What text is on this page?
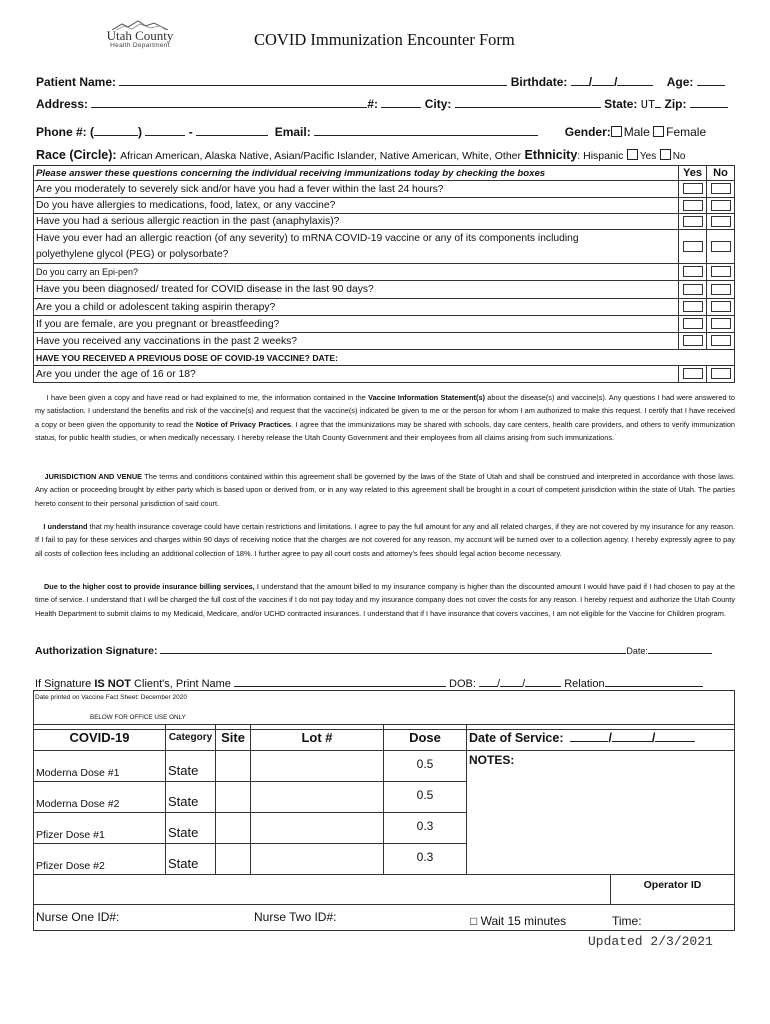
Utah County
Health Department	COVID Immunization Encounter Form
Patient Name:	Birthdate: / /	Age:
Address:	#:	City:	State: UT Zip:
Phone #: (	)	-	Email:	Gender: Male Female
Race (Circle): African American, Alaska Native, Asian/Pacific Islander, Native American, White, Other Ethnicity: Hispanic Yes No
Please answer these questions concerning the individual receiving immunizations today by checking the boxes	Yes	No
Are you moderately to severely sick and/or have you had a fever within the last 24 hours?		
Do you have allergies to medications, food, latex, or any vaccine?		
Have you had a serious allergic reaction in the past (anaphylaxis)?		

Have you ever had an allergic reaction (of any severity) to mRNA COVID-19 vaccine or any of its components including
polyethylene glycol (PEG) or polysorbate?		

Do you carry an Epi-pen?		
Have you been diagnosed/ treated for COVID disease in the last 90 days?		
Are you a child or adolescent taking aspirin therapy?		
If you are female, are you pregnant or breastfeeding?		
Have you received any vaccinations in the past 2 weeks?		
HAVE YOU RECEIVED A PREVIOUS DOSE OF COVID-19 VACCINE? DATE:		
Are you under the age of 16 or 18?		
I have been given a copy and have read or had explained to me, the information contained in the Vaccine Information Statement(s) about the disease(s) and vaccine(s). Any questions I had were answered to my satisfaction. I understand the benefits and risk of the vaccine(s) and request that the vaccine(s) indicated be given to me or the person for whom I am authorized to make this request. I certify that I have received a copy or been given the opportunity to read the Notice of Privacy Practices. I agree that the immunizations may be shared with schools, day care centers, health care providers, and others to verify immunization status, for public health studies, or when medically necessary. I hereby release the Utah County Government and their employees from all claims arising from such immunizations.
JURISDICTION AND VENUE The terms and conditions contained within this agreement shall be governed by the laws of the State of Utah and shall be construed and interpreted in accordance with those laws. Any action or proceeding brought by either party which is based upon or derived from, or in any way related to this agreement shall be brought in a court of competent jurisdiction within the state of Utah. The parties hereto consent to their personal jurisdiction of said court.
I understand that my health insurance coverage could have certain restrictions and limitations. I agree to pay the full amount for any and all related charges, if they are not covered by my insurance for any reason. If I fail to pay for these services and charges within 90 days of receiving notice that the charges are not covered for any reason, my account will be turned over to a collection agency. I hereby expressly agree to pay all costs of collection fees including an additional collection of 18%. I further agree to pay all court costs and attorney's fees should legal action become necessary.
Due to the higher cost to provide insurance billing services, I understand that the amount billed to my insurance company is higher than the discounted amount I would have paid if I had chosen to pay at the time of service. I understand that I will be charged the full cost of the vaccines if I do not pay today and my insurance company does not cover the costs for any reason. I hereby request and authorize the Utah County Health Department to submit claims to my Medicaid, Medicare, and/or UCHD contracted insurances. I understand that if I have insurance that covers vaccines, I am not eligible for the Vaccine for Children program.
Authorization Signature:	Date:
If Signature IS NOT Client's, Print Name	DOB: / /	Relation
Date printed on Vaccine Fact Sheet: December 2020
BELOW FOR OFFICE USE ONLY
COVID-19	Category	Site	Lot #	Dose	Date of Service: / /	
Moderna Dose #1	State			0.5	NOTES:	
Moderna Dose #2	State			0.5		
Pfizer Dose #1	State			0.3		
Pfizer Dose #2	State			0.3		
						Operator ID
Nurse One ID#:	Nurse Two ID#:	□ Wait 15 minutes	Time:
Updated 2/3/2021
